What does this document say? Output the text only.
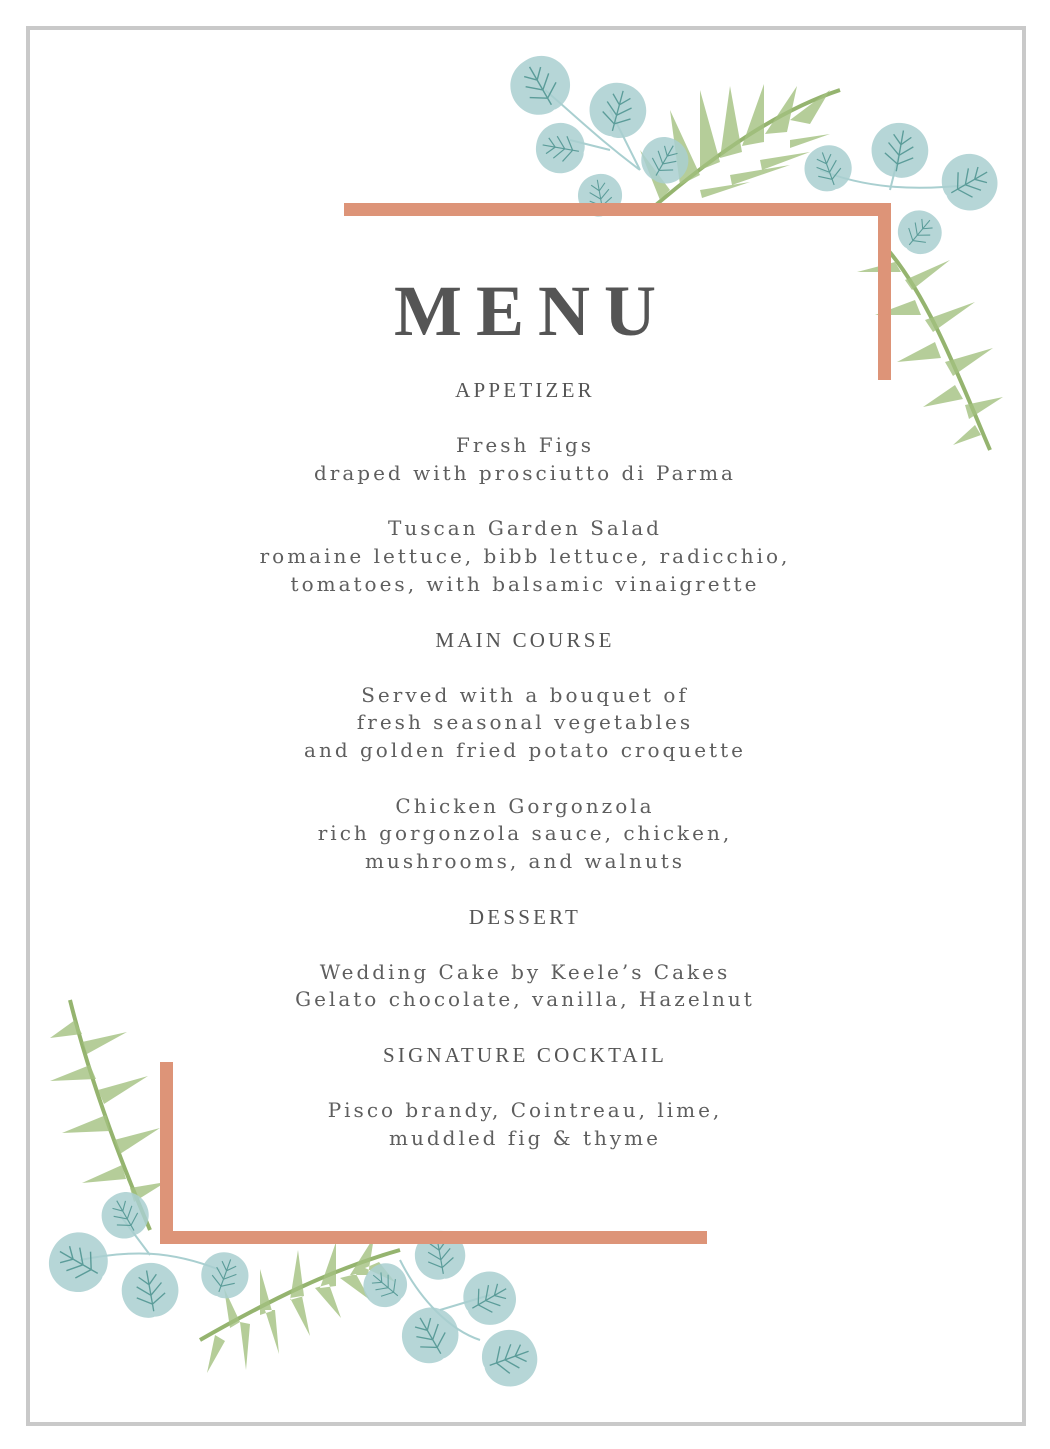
MENU

APPETIZER

Fresh Figs

draped with prosciutto di Parma

Tuscan Garden Salad

romaine lettuce, bibb lettuce, radicchio,

tomatoes, with balsamic vinaigrette

MAIN COURSE

Served with a bouquet of

fresh seasonal vegetables

and golden fried potato croquette

Chicken Gorgonzola

rich gorgonzola sauce, chicken,

mushrooms, and walnuts

DESSERT

Wedding Cake by Keele’s Cakes

Gelato chocolate, vanilla, Hazelnut

SIGNATURE COCKTAIL

Pisco brandy, Cointreau, lime,

muddled fig & thyme
